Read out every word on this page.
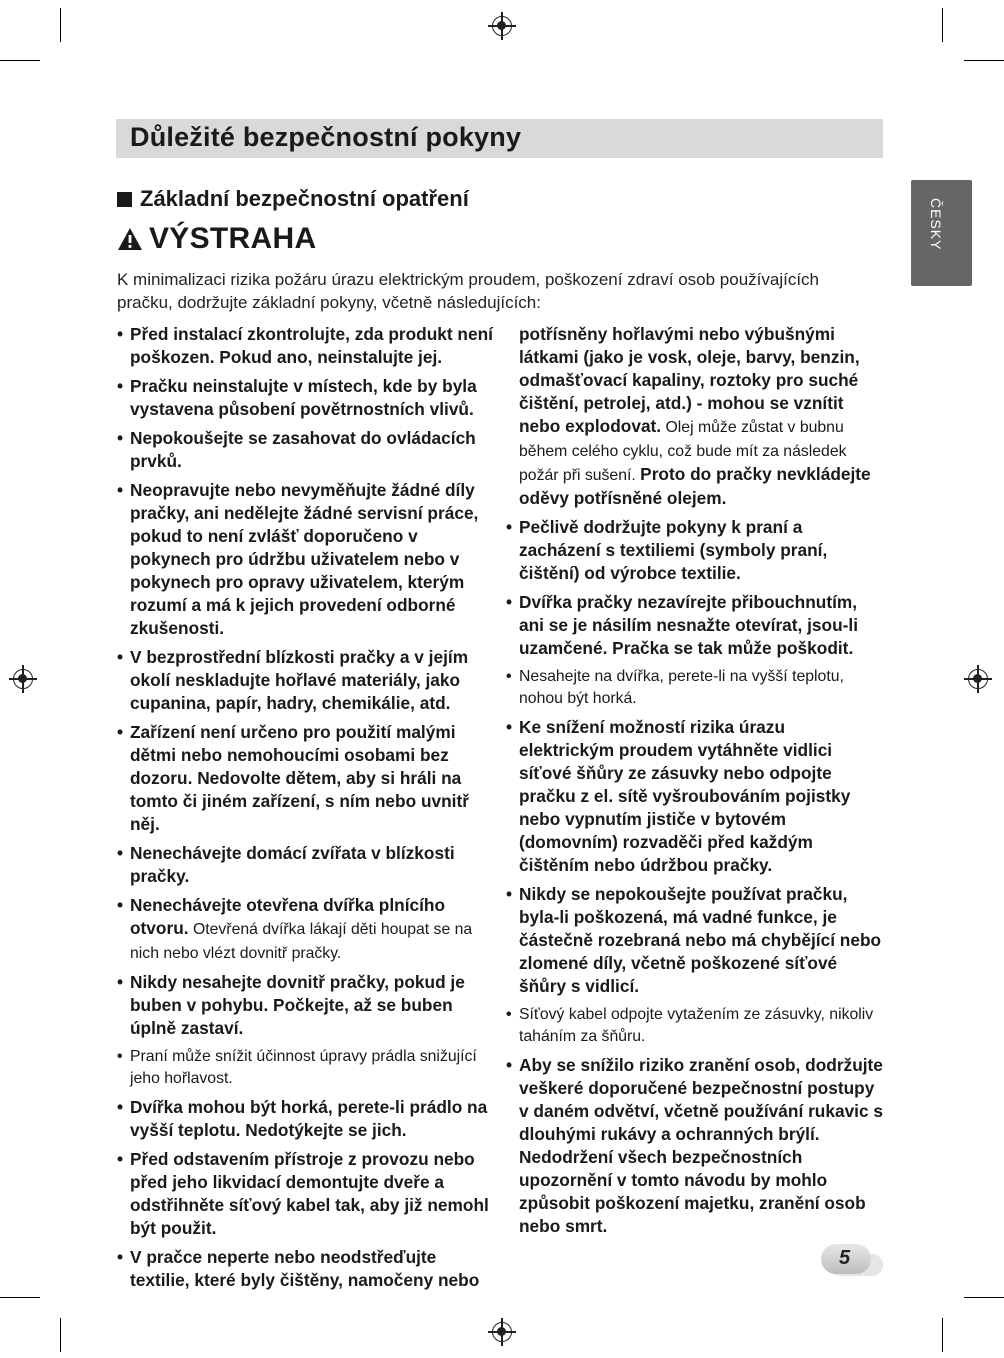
Důležité bezpečnostní pokyny
ČESKY
Základní bezpečnostní opatření
VÝSTRAHA
K minimalizaci rizika požáru úrazu elektrickým proudem, poškození zdraví osob používajících
pračku, dodržujte základní pokyny, včetně následujících:
• Před instalací zkontrolujte, zda produkt není poškozen. Pokud ano, neinstalujte jej.
• Pračku neinstalujte v místech, kde by byla vystavena působení povětrnostních vlivů.
• Nepokoušejte se zasahovat do ovládacích prvků.
• Neopravujte nebo nevyměňujte žádné díly pračky, ani nedělejte žádné servisní práce, pokud to není zvlášť doporučeno v pokynech pro údržbu uživatelem nebo v pokynech pro opravy uživatelem, kterým rozumí a má k jejich provedení odborné zkušenosti.
• V bezprostřední blízkosti pračky a v jejím okolí neskladujte hořlavé materiály, jako cupanina, papír, hadry, chemikálie, atd.
• Zařízení není určeno pro použití malými dětmi nebo nemohoucími osobami bez dozoru. Nedovolte dětem, aby si hráli na tomto či jiném zařízení, s ním nebo uvnitř něj.
• Nenechávejte domácí zvířata v blízkosti pračky.
• Nenechávejte otevřena dvířka plnícího otvoru. Otevřená dvířka lákají děti houpat se na nich nebo vlézt dovnitř pračky.
• Nikdy nesahejte dovnitř pračky, pokud je buben v pohybu. Počkejte, až se buben úplně zastaví.
• Praní může snížit účinnost úpravy prádla snižující jeho hořlavost.
• Dvířka mohou být horká, perete-li prádlo na vyšší teplotu. Nedotýkejte se jich.
• Před odstavením přístroje z provozu nebo před jeho likvidací demontujte dveře a odstřihněte síťový kabel tak, aby již nemohl být použit.
• V pračce neperte nebo neodstřeďujte textilie, které byly čištěny, namočeny nebo
potřísněny hořlavými nebo výbušnými látkami (jako je vosk, oleje, barvy, benzin, odmašťovací kapaliny, roztoky pro suché čištění, petrolej, atd.) - mohou se vznítit nebo explodovat. Olej může zůstat v bubnu během celého cyklu, což bude mít za následek požár při sušení. Proto do pračky nevkládejte oděvy potřísněné olejem.
• Pečlivě dodržujte pokyny k praní a zacházení s textiliemi (symboly praní, čištění) od výrobce textilie.
• Dvířka pračky nezavírejte přibouchnutím, ani se je násilím nesnažte otevírat, jsou-li uzamčené. Pračka se tak může poškodit.
• Nesahejte na dvířka, perete-li na vyšší teplotu, nohou být horká.
• Ke snížení možností rizika úrazu elektrickým proudem vytáhněte vidlici síťové šňůry ze zásuvky nebo odpojte pračku z el. sítě vyšroubováním pojistky nebo vypnutím jističe v bytovém (domovním) rozvaděči před každým čištěním nebo údržbou pračky.
• Nikdy se nepokoušejte používat pračku, byla-li poškozená, má vadné funkce, je částečně rozebraná nebo má chybějící nebo zlomené díly, včetně poškozené síťové šňůry s vidlicí.
• Síťový kabel odpojte vytažením ze zásuvky, nikoliv taháním za šňůru.
• Aby se snížilo riziko zranění osob, dodržujte veškeré doporučené bezpečnostní postupy v daném odvětví, včetně používání rukavic s dlouhými rukávy a ochranných brýlí. Nedodržení všech bezpečnostních upozornění v tomto návodu by mohlo způsobit poškození majetku, zranění osob nebo smrt.
5
